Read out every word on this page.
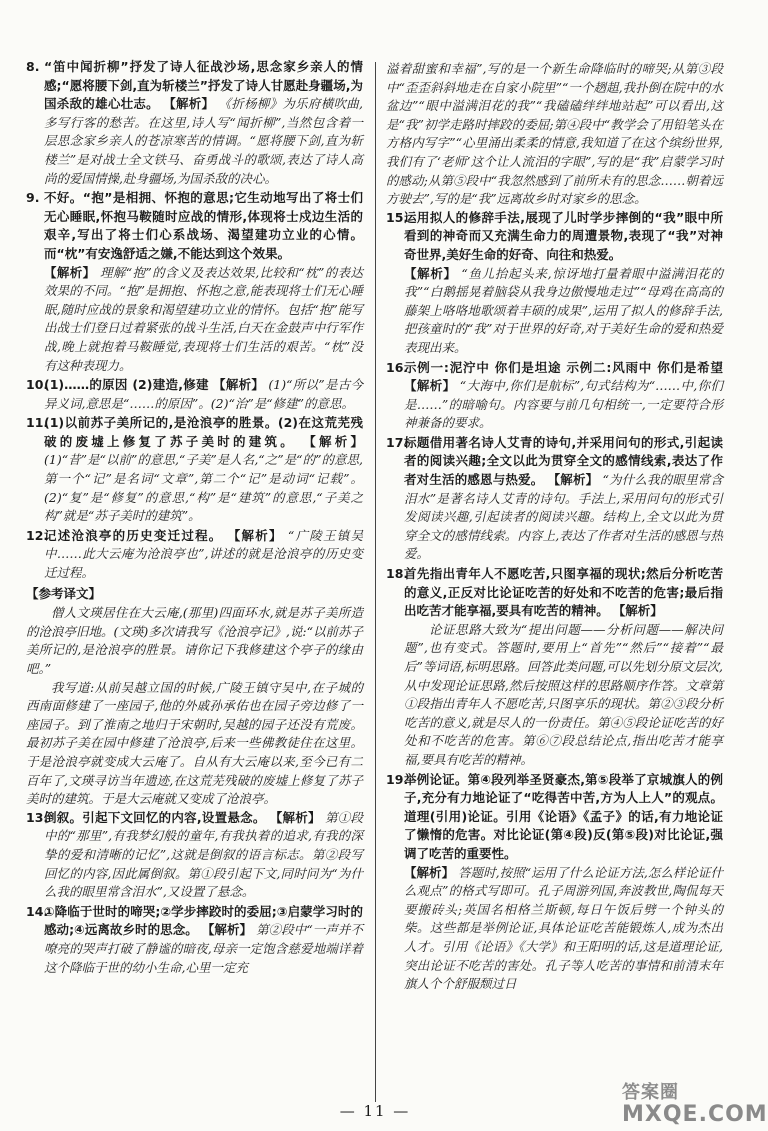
8. “笛中闻折柳”抒发了诗人征战沙场,思念家乡亲人的情感;“愿将腰下剑,直为斩楼兰”抒发了诗人甘愿赴身疆场,为国杀敌的雄心壮志。 【解析】 《折杨柳》为乐府横吹曲,多写行客的愁苦。在这里,诗人写“闻折柳”,当然包含着一层思念家乡亲人的苍凉寒苦的情调。“愿将腰下剑,直为斩楼兰”是对战士全文铁马、奋勇战斗的歌颂,表达了诗人高尚的爱国情操,赴身疆场,为国杀敌的决心。
9. 不好。“抱”是相拥、怀抱的意思;它生动地写出了将士们无心睡眠,怀抱马鞍随时应战的情形,体现将士戍边生活的艰辛,写出了将士们心系战场、渴望建功立业的心情。而“枕”有安逸舒适之嫌,不能达到这个效果。
【解析】 理解“抱”的含义及表达效果,比较和“枕”的表达效果的不同。“抱”是拥抱、怀抱之意,能表现将士们无心睡眠,随时应战的景象和渴望建功立业的情怀。包括“抱”能写出战士们登日过着紧张的战斗生活,白天在金鼓声中行军作战,晚上就抱着马鞍睡觉,表现将士们生活的艰苦。“枕”没有这种表现力。
10.
(1)……的原因 (2)建造,修建 【解析】 (1)“所以”是古今异义词,意思是“……的原因”。(2)“治”是“修建”的意思。
11.
(1)以前苏子美所记的,是沧浪亭的胜景。(2)在这荒芜残破的废墟上修复了苏子美时的建筑。 【解析】 (1)“昔”是“以前”的意思,“子美”是人名,“之”是“的”的意思,第一个“记”是名词“文章”,第二个“记”是动词“记载”。(2)“复”是“修复”的意思,“构”是“建筑”的意思,“子美之构”就是“苏子美时的建筑”。
12.
记述沧浪亭的历史变迁过程。 【解析】 “广陵王镇吴中……此大云庵为沧浪亭也”,讲述的就是沧浪亭的历史变迁过程。
【参考译文】

僧人文瑛居住在大云庵,(那里)四面环水,就是苏子美所造的沧浪亭旧地。(文瑛)多次请我写《沧浪亭记》,说:“以前苏子美所记的,是沧浪亭的胜景。请你记下我修建这个亭子的缘由吧。”

我写道:从前吴越立国的时候,广陵王镇守吴中,在子城的西南面修建了一座园子,他的外戚孙承佑也在园子旁边修了一座园子。到了淮南之地归于宋朝时,吴越的园子还没有荒废。最初苏子美在园中修建了沧浪亭,后来一些佛教徒住在这里。于是沧浪亭就变成大云庵了。自从有大云庵以来,至今已有二百年了,文瑛寻访当年遗迹,在这荒芜残破的废墟上修复了苏子美时的建筑。于是大云庵就又变成了沧浪亭。

13.
倒叙。引起下文回忆的内容,设置悬念。 【解析】 第①段中的“那里”,有我梦幻般的童年,有我执着的追求,有我的深挚的爱和清晰的记忆”,这就是倒叙的语言标志。第②段写回忆的内容,因此属倒叙。第①段引起下文,同时问为“为什么我的眼里常含泪水”,又设置了悬念。
14.
①降临于世时的啼哭;②学步摔跤时的委屈;③启蒙学习时的感动;④远离故乡时的思念。 【解析】 第②段中“一声并不嘹亮的哭声打破了静谧的暗夜,母亲一定饱含慈爱地端详着这个降临于世的幼小生命,心里一定充
溢着甜蜜和幸福”,写的是一个新生命降临时的啼哭;从第③段中“歪歪斜斜地走在自家小院里”“一个趔趄,我扑倒在院中的水盆边”“眼中溢满泪花的我”“我磕磕绊绊地站起”可以看出,这是“我”初学走路时摔跤的委屈;第④段中“教学会了用铅笔头在方格内写字”“心里涌出柔柔的情意,我知道了在这个缤纷世界,我们有了‘老师’这个让人流泪的字眼”,写的是“我”启蒙学习时的感动;从第⑤段中“我忽然感到了前所未有的思念……朝着远方驶去”,写的是“我”远离故乡时对家乡的思念。
15.
运用拟人的修辞手法,展现了儿时学步摔倒的“我”眼中所看到的神奇而又充满生命力的周遭景物,表现了“我”对神奇世界,美好生命的好奇、向往和热爱。
【解析】 “鱼儿抬起头来,惊讶地打量着眼中溢满泪花的我”“白鹅摇晃着脑袋从我身边傲慢地走过”“母鸡在高高的藤架上咯咯地歌颂着丰硕的成果”,运用了拟人的修辞手法,把孩童时的“我”对于世界的好奇,对于美好生命的爱和热爱表现出来。
16.
示例一:泥泞中 你们是坦途 示例二:风雨中 你们是希望 【解析】 “大海中,你们是航标”,句式结构为“……中,你们是……”的暗喻句。内容要与前几句相统一,一定要符合形神兼备的要求。
17.
标题借用著名诗人艾青的诗句,并采用问句的形式,引起读者的阅读兴趣;全文以此为贯穿全文的感情线索,表达了作者对生活的感恩与热爱。 【解析】 “为什么我的眼里常含泪水”是著名诗人艾青的诗句。手法上,采用问句的形式引发阅读兴趣,引起读者的阅读兴趣。结构上,全文以此为贯穿全文的感情线索。内容上,表达了作者对生活的感恩与热爱。
18.
首先指出青年人不愿吃苦,只图享福的现状;然后分析吃苦的意义,正反对比论证吃苦的好处和不吃苦的危害;最后指出吃苦才能享福,要具有吃苦的精神。 【解析】

论证思路大致为“提出问题——分析问题——解决问题”,也有变式。答题时,要用上“首先”“然后”“接着”“最后”等词语,标明思路。回答此类问题,可以先划分原文层次,从中发现论证思路,然后按照这样的思路顺序作答。文章第①段指出青年人不愿吃苦,只图享乐的现状。第②③段分析吃苦的意义,就是尽人的一份责任。第④⑤段论证吃苦的好处和不吃苦的危害。第⑥⑦段总结论点,指出吃苦才能享福,要具有吃苦的精神。

19.
举例论证。第④段列举圣贤豪杰,第⑤段举了京城旗人的例子,充分有力地论证了“吃得苦中苦,方为人上人”的观点。道理(引用)论证。引用《论语》《孟子》的话,有力地论证了懒惰的危害。对比论证(第④段)反(第⑤段)对比论证,强调了吃苦的重要性。
【解析】 答题时,按照“运用了什么论证方法,怎么样论证什么观点”的格式写即可。孔子周游列国,奔波教世,陶侃每天要搬砖头;英国名相格兰斯顿,每日午饭后劈一个钟头的柴。这些都是举例论证,具体论证吃苦能锻炼人,成为杰出人才。引用《论语》《大学》和王阳明的话,这是道理论证,突出论证不吃苦的害处。孔子等人吃苦的事情和前清末年旗人个个舒服颓过日
— 11 —
答案圈
MXQE.COM
